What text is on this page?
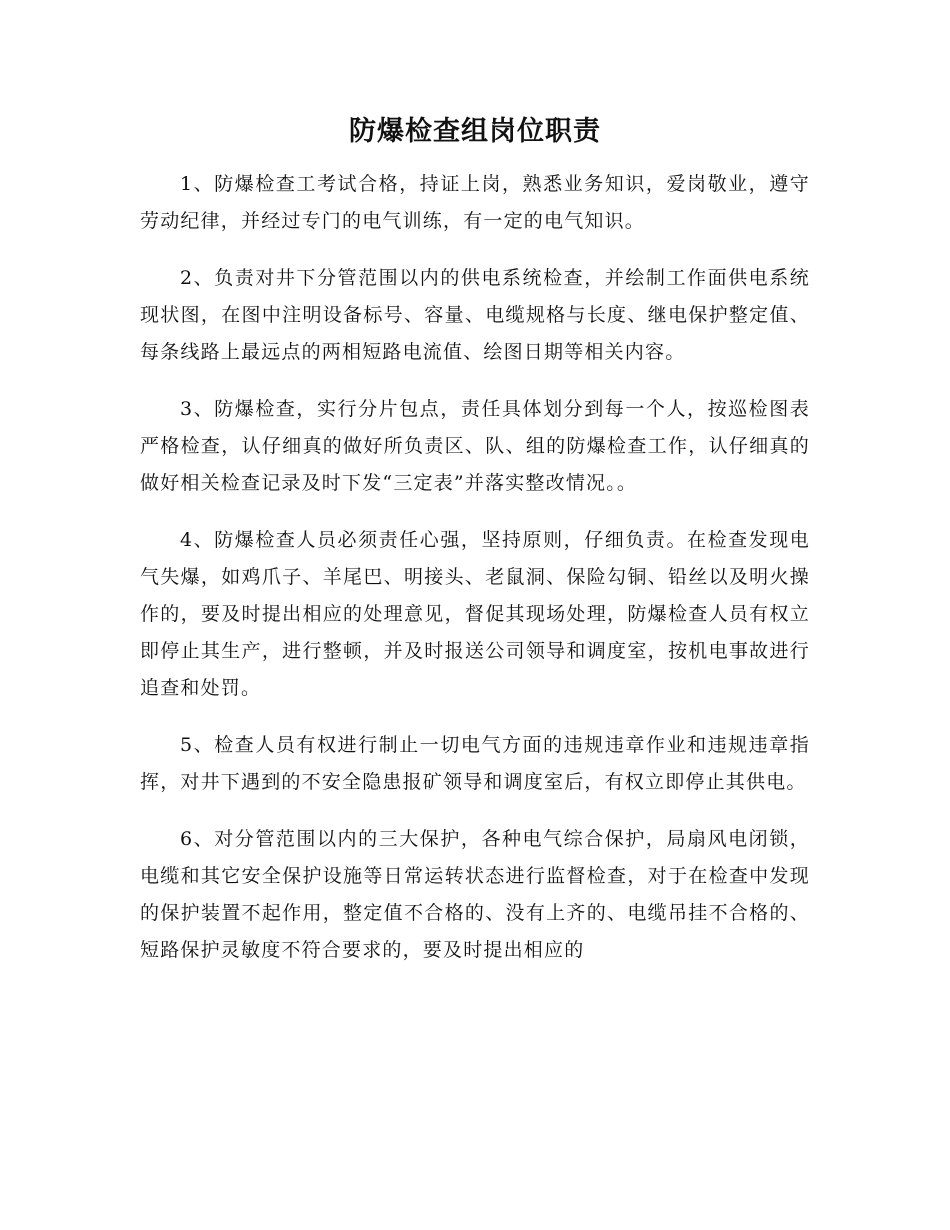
防爆检查组岗位职责

1、防爆检查工考试合格，持证上岗，熟悉业务知识，爱岗敬业，遵守劳动纪律，并经过专门的电气训练，有一定的电气知识。

2、负责对井下分管范围以内的供电系统检查，并绘制工作面供电系统现状图，在图中注明设备标号、容量、电缆规格与长度、继电保护整定值、每条线路上最远点的两相短路电流值、绘图日期等相关内容。

3、防爆检查，实行分片包点，责任具体划分到每一个人，按巡检图表严格检查，认仔细真的做好所负责区、队、组的防爆检查工作，认仔细真的做好相关检查记录及时下发“三定表”并落实整改情况。。

4、防爆检查人员必须责任心强，坚持原则，仔细负责。在检查发现电气失爆，如鸡爪子、羊尾巴、明接头、老鼠洞、保险勾铜、铅丝以及明火操作的，要及时提出相应的处理意见，督促其现场处理，防爆检查人员有权立即停止其生产，进行整顿，并及时报送公司领导和调度室，按机电事故进行追查和处罚。

5、检查人员有权进行制止一切电气方面的违规违章作业和违规违章指挥，对井下遇到的不安全隐患报矿领导和调度室后，有权立即停止其供电。

6、对分管范围以内的三大保护，各种电气综合保护，局扇风电闭锁，电缆和其它安全保护设施等日常运转状态进行监督检查，对于在检查中发现的保护装置不起作用，整定值不合格的、没有上齐的、电缆吊挂不合格的、短路保护灵敏度不符合要求的，要及时提出相应的
